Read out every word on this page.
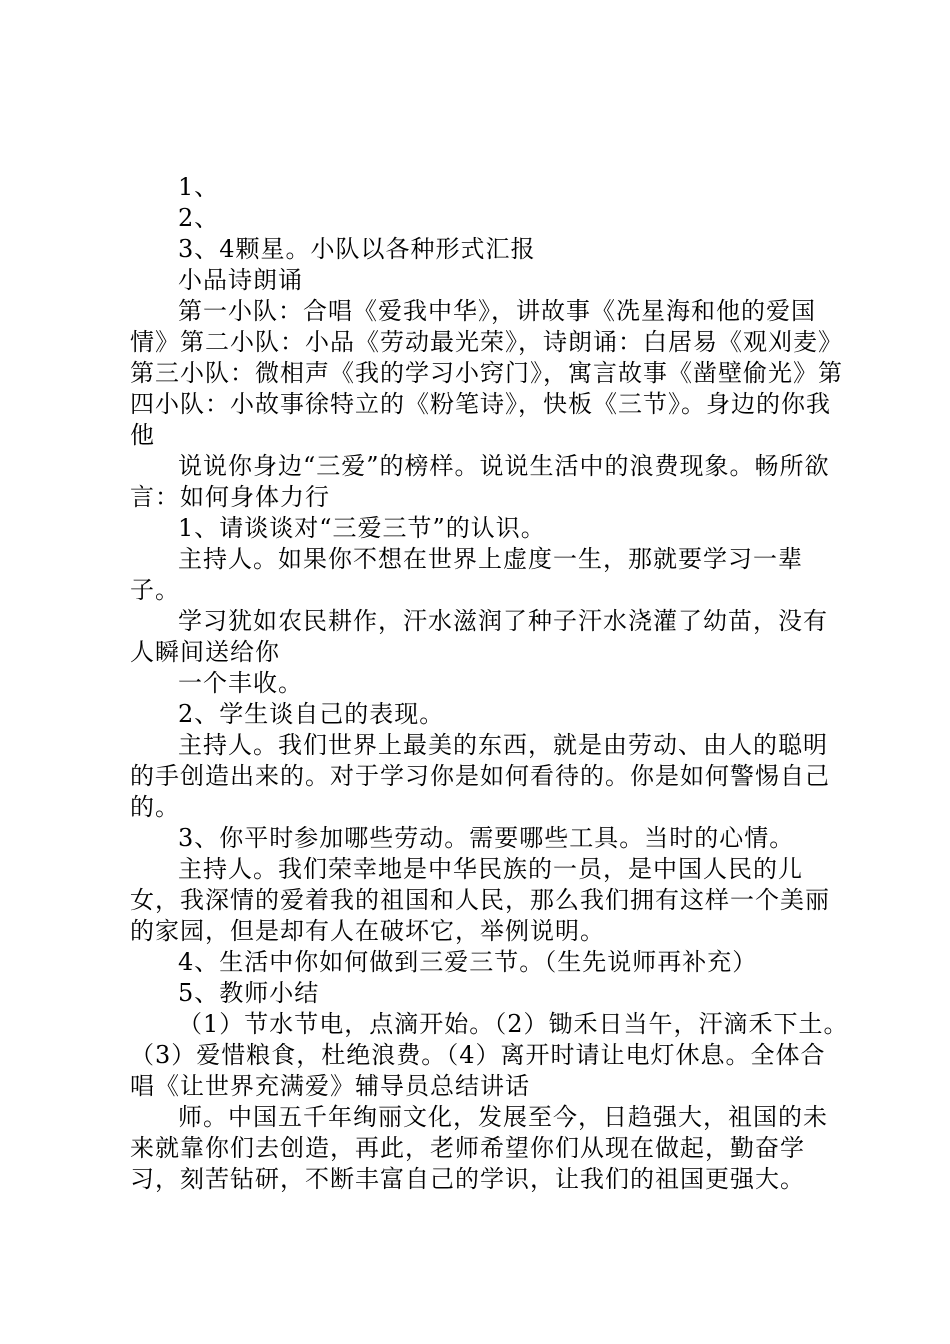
1、

2、

3、4颗星。小队以各种形式汇报

小品诗朗诵

第一小队：合唱《爱我中华》，讲故事《冼星海和他的爱国情》第二小队：小品《劳动最光荣》，诗朗诵：白居易《观刈麦》第三小队：微相声《我的学习小窍门》，寓言故事《凿壁偷光》第四小队：小故事徐特立的《粉笔诗》，快板《三节》。身边的你我他

说说你身边“三爱”的榜样。说说生活中的浪费现象。畅所欲言：如何身体力行

1、请谈谈对“三爱三节”的认识。

主持人。如果你不想在世界上虚度一生，那就要学习一辈子。

学习犹如农民耕作，汗水滋润了种子汗水浇灌了幼苗，没有人瞬间送给你

一个丰收。

2、学生谈自己的表现。

主持人。我们世界上最美的东西，就是由劳动、由人的聪明的手创造出来的。对于学习你是如何看待的。你是如何警惕自己的。

3、你平时参加哪些劳动。需要哪些工具。当时的心情。

主持人。我们荣幸地是中华民族的一员，是中国人民的儿女，我深情的爱着我的祖国和人民，那么我们拥有这样一个美丽的家园，但是却有人在破坏它，举例说明。

4、生活中你如何做到三爱三节。（生先说师再补充）

5、教师小结

（1）节水节电，点滴开始。（2）锄禾日当午，汗滴禾下土。（3）爱惜粮食，杜绝浪费。（4）离开时请让电灯休息。全体合唱《让世界充满爱》辅导员总结讲话

师。中国五千年绚丽文化，发展至今，日趋强大，祖国的未来就靠你们去创造，再此，老师希望你们从现在做起，勤奋学习，刻苦钻研，不断丰富自己的学识，让我们的祖国更强大。
